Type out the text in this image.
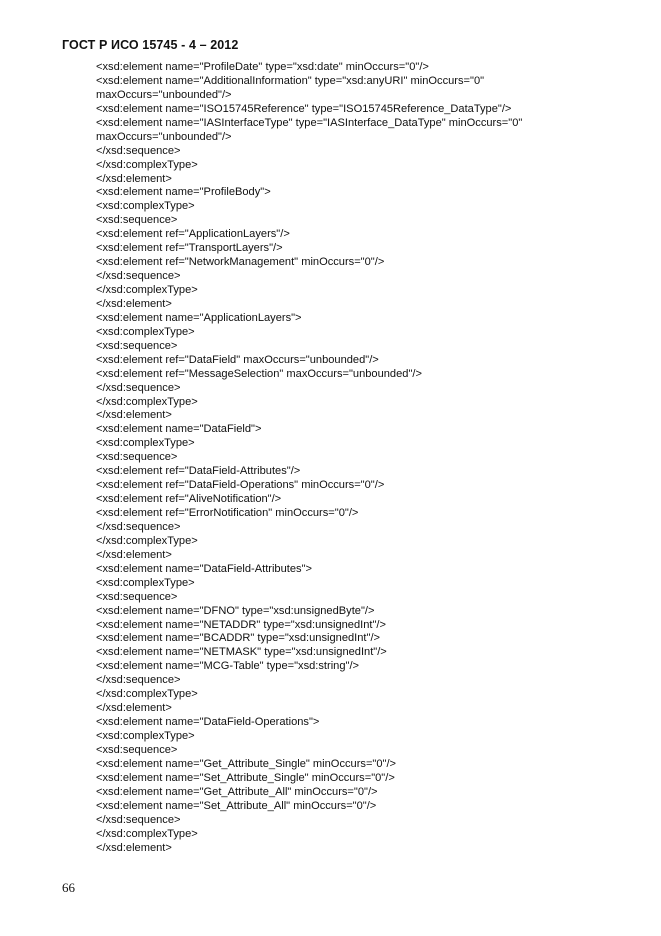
ГОСТ Р ИСО 15745 - 4 – 2012
<xsd:element name="ProfileDate" type="xsd:date" minOccurs="0"/>
<xsd:element name="AdditionalInformation" type="xsd:anyURI" minOccurs="0"
maxOccurs="unbounded"/>
<xsd:element name="ISO15745Reference" type="ISO15745Reference_DataType"/>
<xsd:element name="IASInterfaceType" type="IASInterface_DataType" minOccurs="0"
maxOccurs="unbounded"/>
</xsd:sequence>
</xsd:complexType>
</xsd:element>
<xsd:element name="ProfileBody">
<xsd:complexType>
<xsd:sequence>
<xsd:element ref="ApplicationLayers"/>
<xsd:element ref="TransportLayers"/>
<xsd:element ref="NetworkManagement" minOccurs="0"/>
</xsd:sequence>
</xsd:complexType>
</xsd:element>
<xsd:element name="ApplicationLayers">
<xsd:complexType>
<xsd:sequence>
<xsd:element ref="DataField" maxOccurs="unbounded"/>
<xsd:element ref="MessageSelection" maxOccurs="unbounded"/>
</xsd:sequence>
</xsd:complexType>
</xsd:element>
<xsd:element name="DataField">
<xsd:complexType>
<xsd:sequence>
<xsd:element ref="DataField-Attributes"/>
<xsd:element ref="DataField-Operations" minOccurs="0"/>
<xsd:element ref="AliveNotification"/>
<xsd:element ref="ErrorNotification" minOccurs="0"/>
</xsd:sequence>
</xsd:complexType>
</xsd:element>
<xsd:element name="DataField-Attributes">
<xsd:complexType>
<xsd:sequence>
<xsd:element name="DFNO" type="xsd:unsignedByte"/>
<xsd:element name="NETADDR" type="xsd:unsignedInt"/>
<xsd:element name="BCADDR" type="xsd:unsignedInt"/>
<xsd:element name="NETMASK" type="xsd:unsignedInt"/>
<xsd:element name="MCG-Table" type="xsd:string"/>
</xsd:sequence>
</xsd:complexType>
</xsd:element>
<xsd:element name="DataField-Operations">
<xsd:complexType>
<xsd:sequence>
<xsd:element name="Get_Attribute_Single" minOccurs="0"/>
<xsd:element name="Set_Attribute_Single" minOccurs="0"/>
<xsd:element name="Get_Attribute_All" minOccurs="0"/>
<xsd:element name="Set_Attribute_All" minOccurs="0"/>
</xsd:sequence>
</xsd:complexType>
</xsd:element>
66
